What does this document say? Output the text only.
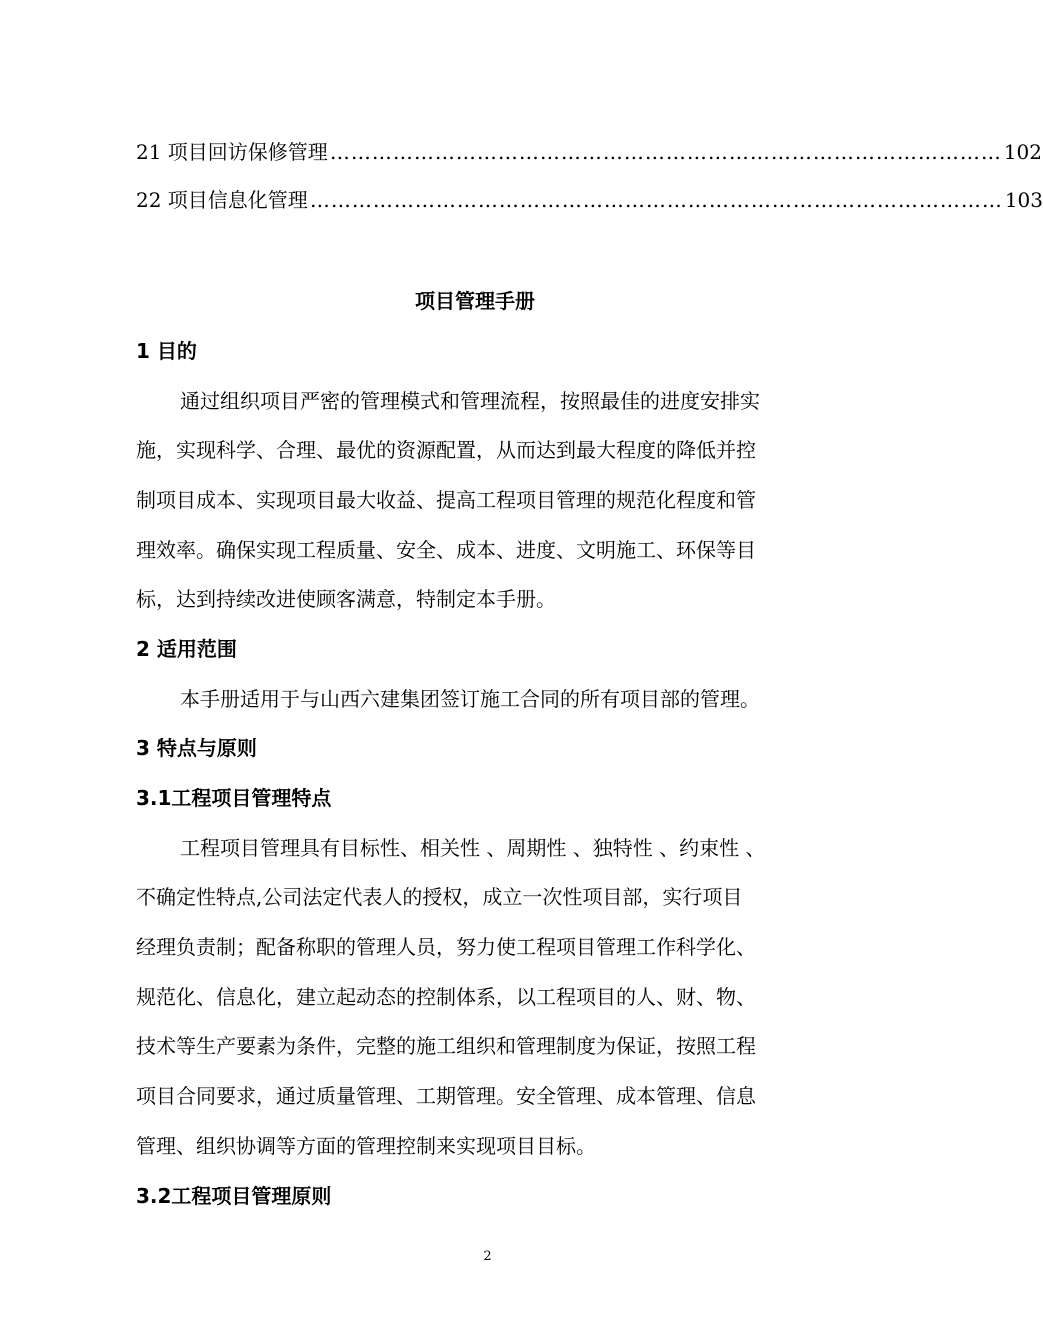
21 项目回访保修管理 …………………………………………………………………………………… 102
22 项目信息化管理 ……………………………………………………………………………………… 103
项目管理手册
1 目的
通过组织项目严密的管理模式和管理流程，按照最佳的进度安排实
施，实现科学、合理、最优的资源配置，从而达到最大程度的降低并控
制项目成本、实现项目最大收益、提高工程项目管理的规范化程度和管
理效率。确保实现工程质量、安全、成本、进度、文明施工、环保等目
标，达到持续改进使顾客满意，特制定本手册。
2 适用范围
本手册适用于与山西六建集团签订施工合同的所有项目部的管理。
3 特点与原则
3.1工程项目管理特点
工程项目管理具有目标性、相关性 、周期性 、独特性 、约束性 、
不确定性特点,公司法定代表人的授权，成立一次性项目部，实行项目
经理负责制；配备称职的管理人员，努力使工程项目管理工作科学化、
规范化、信息化，建立起动态的控制体系，以工程项目的人、财、物、
技术等生产要素为条件，完整的施工组织和管理制度为保证，按照工程
项目合同要求，通过质量管理、工期管理。安全管理、成本管理、信息
管理、组织协调等方面的管理控制来实现项目目标。
3.2工程项目管理原则
2
